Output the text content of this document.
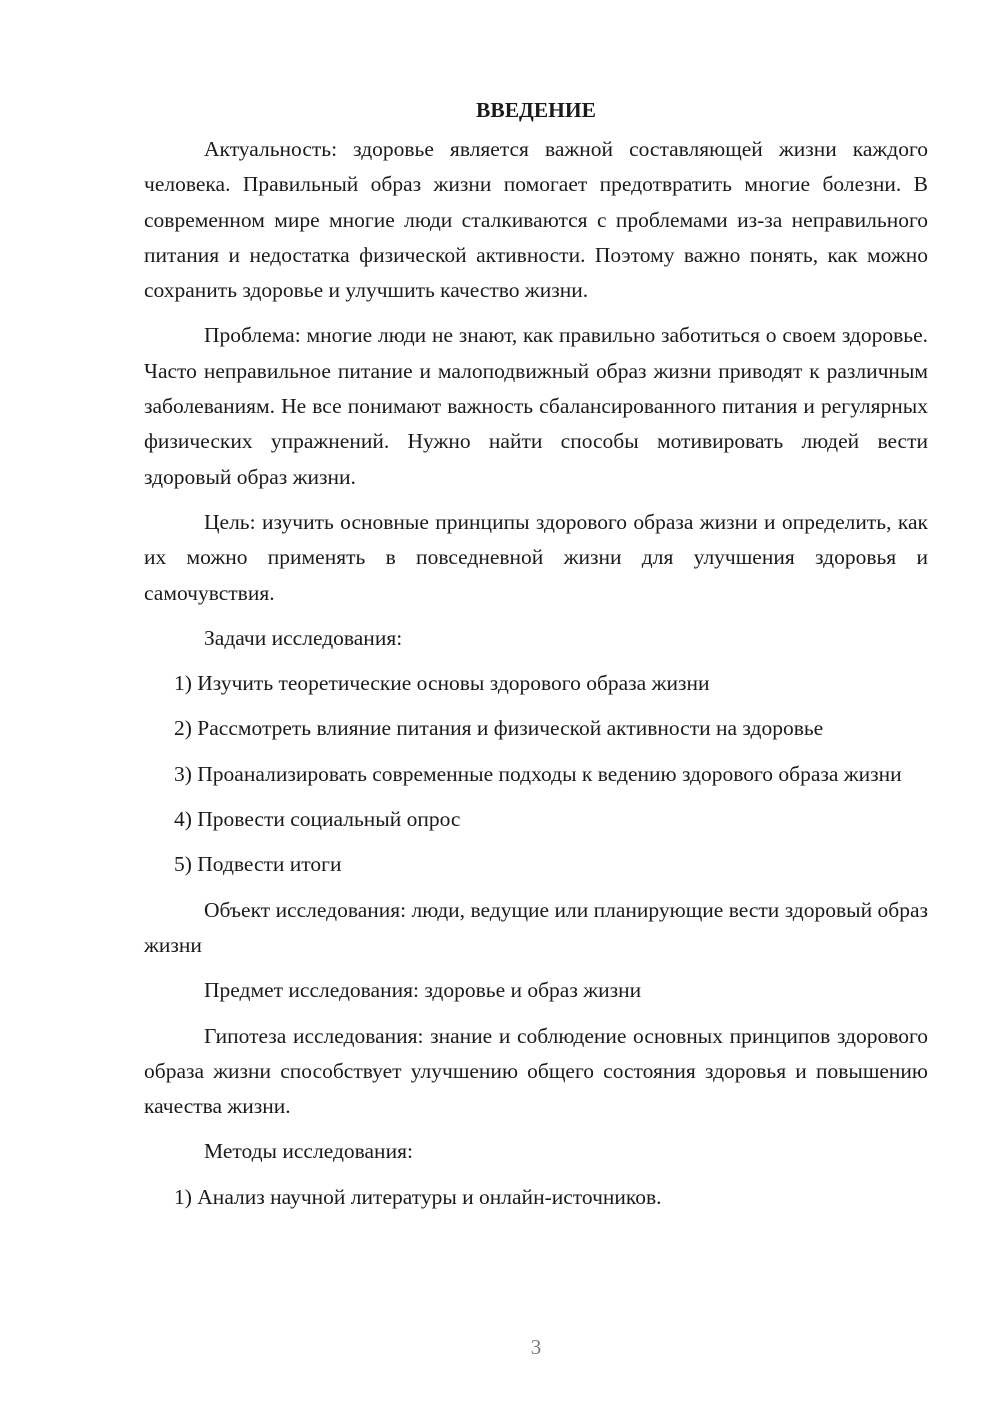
ВВЕДЕНИЕ

Актуальность: здоровье является важной составляющей жизни каждого человека. Правильный образ жизни помогает предотвратить многие болезни. В современном мире многие люди сталкиваются с проблемами из-за неправильного питания и недостатка физической активности. Поэтому важно понять, как можно сохранить здоровье и улучшить качество жизни.

Проблема: многие люди не знают, как правильно заботиться о своем здоровье. Часто неправильное питание и малоподвижный образ жизни приводят к различным заболеваниям. Не все понимают важность сбалансированного питания и регулярных физических упражнений. Нужно найти способы мотивировать людей вести здоровый образ жизни.

Цель: изучить основные принципы здорового образа жизни и определить, как их можно применять в повседневной жизни для улучшения здоровья и самочувствия.

Задачи исследования:

1) Изучить теоретические основы здорового образа жизни

2) Рассмотреть влияние питания и физической активности на здоровье

3) Проанализировать современные подходы к ведению здорового образа жизни

4) Провести социальный опрос

5) Подвести итоги

Объект исследования: люди, ведущие или планирующие вести здоровый образ жизни

Предмет исследования: здоровье и образ жизни

Гипотеза исследования: знание и соблюдение основных принципов здорового образа жизни способствует улучшению общего состояния здоровья и повышению качества жизни.

Методы исследования:

1) Анализ научной литературы и онлайн-источников.

3
